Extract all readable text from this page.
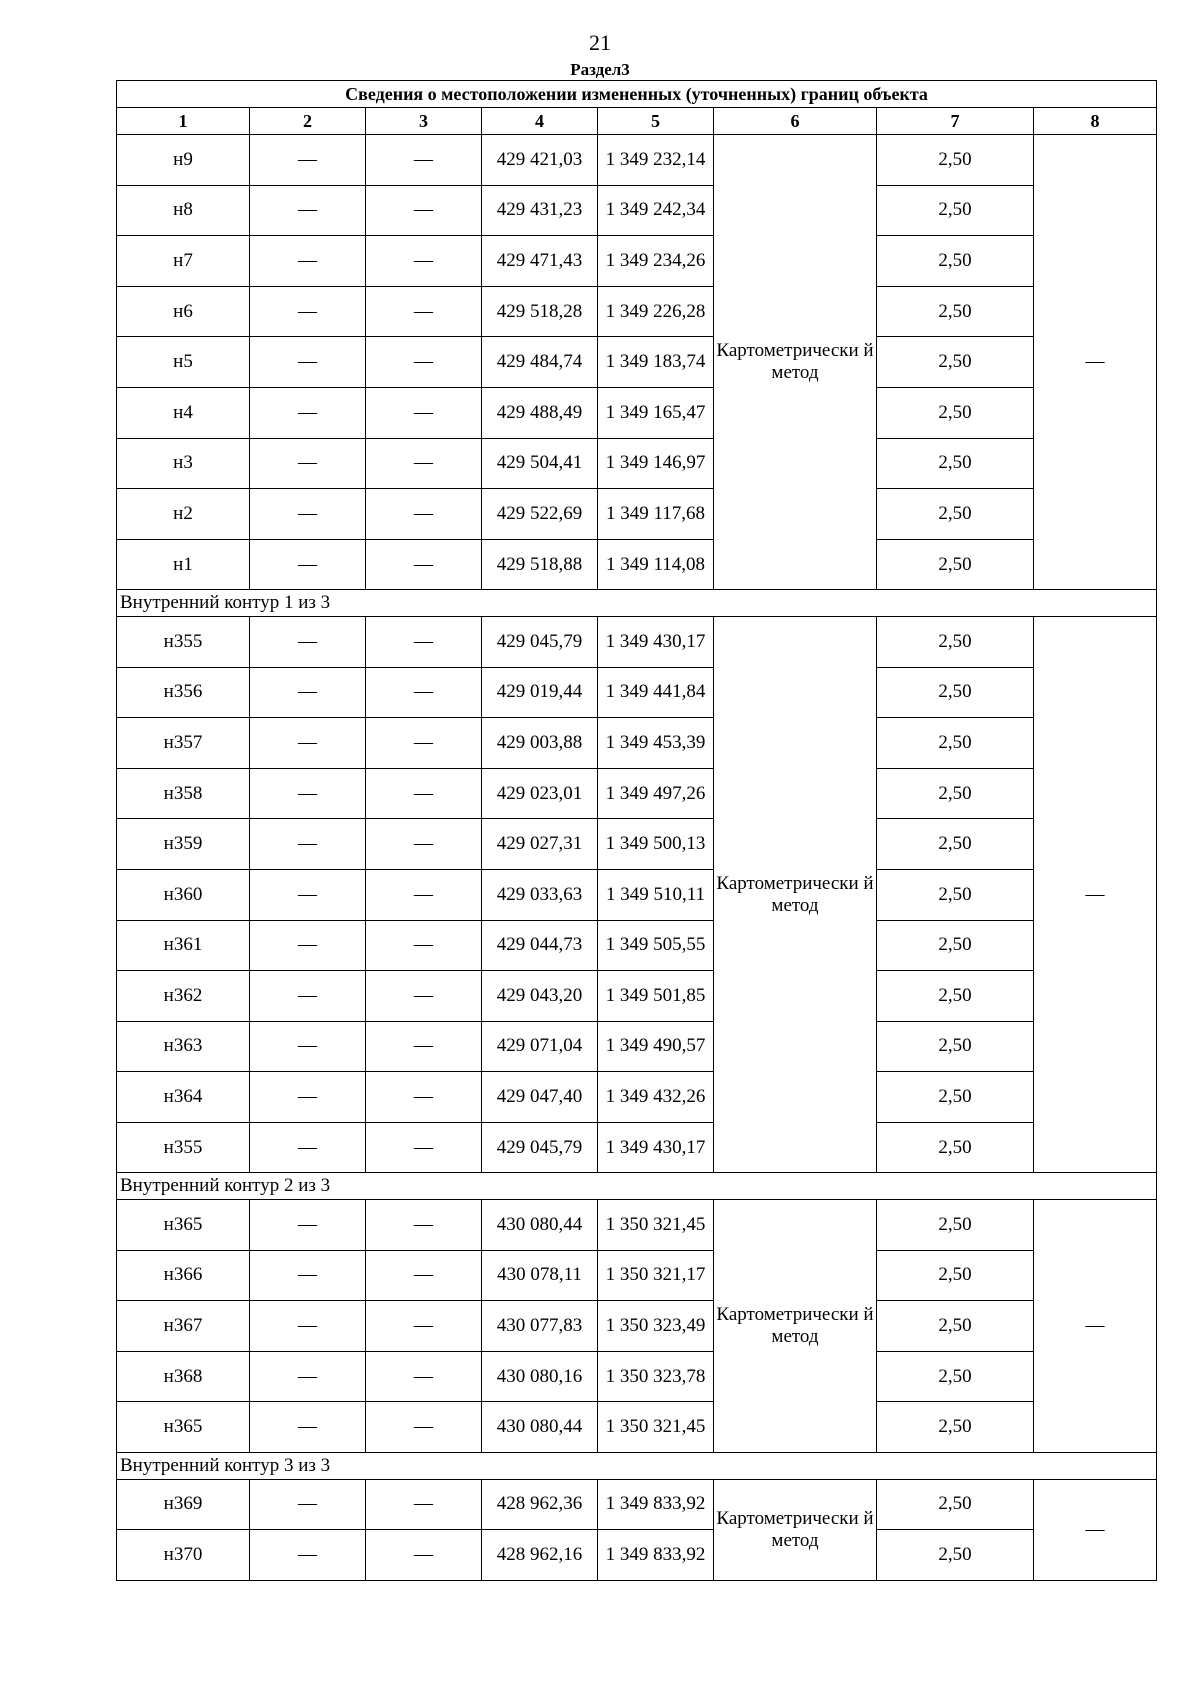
21
Раздел3
Сведения о местоположении измененных (уточненных) границ объекта							
1	2	3	4	5	6	7	8
н9	—	—	429 421,03	1 349 232,14	Картометрически й метод	2,50	—
н8	—	—	429 431,23	1 349 242,34		2,50	
н7	—	—	429 471,43	1 349 234,26		2,50	
н6	—	—	429 518,28	1 349 226,28		2,50	
н5	—	—	429 484,74	1 349 183,74		2,50	
н4	—	—	429 488,49	1 349 165,47		2,50	
н3	—	—	429 504,41	1 349 146,97		2,50	
н2	—	—	429 522,69	1 349 117,68		2,50	
н1	—	—	429 518,88	1 349 114,08		2,50	
Внутренний контур 1 из 3							
н355	—	—	429 045,79	1 349 430,17	Картометрически й метод	2,50	—
н356	—	—	429 019,44	1 349 441,84		2,50	
н357	—	—	429 003,88	1 349 453,39		2,50	
н358	—	—	429 023,01	1 349 497,26		2,50	
н359	—	—	429 027,31	1 349 500,13		2,50	
н360	—	—	429 033,63	1 349 510,11		2,50	
н361	—	—	429 044,73	1 349 505,55		2,50	
н362	—	—	429 043,20	1 349 501,85		2,50	
н363	—	—	429 071,04	1 349 490,57		2,50	
н364	—	—	429 047,40	1 349 432,26		2,50	
н355	—	—	429 045,79	1 349 430,17		2,50	
Внутренний контур 2 из 3							
н365	—	—	430 080,44	1 350 321,45	Картометрически й метод	2,50	—
н366	—	—	430 078,11	1 350 321,17		2,50	
н367	—	—	430 077,83	1 350 323,49		2,50	
н368	—	—	430 080,16	1 350 323,78		2,50	
н365	—	—	430 080,44	1 350 321,45		2,50	
Внутренний контур 3 из 3							
н369	—	—	428 962,36	1 349 833,92	Картометрически й метод	2,50	—
н370	—	—	428 962,16	1 349 833,92		2,50	
